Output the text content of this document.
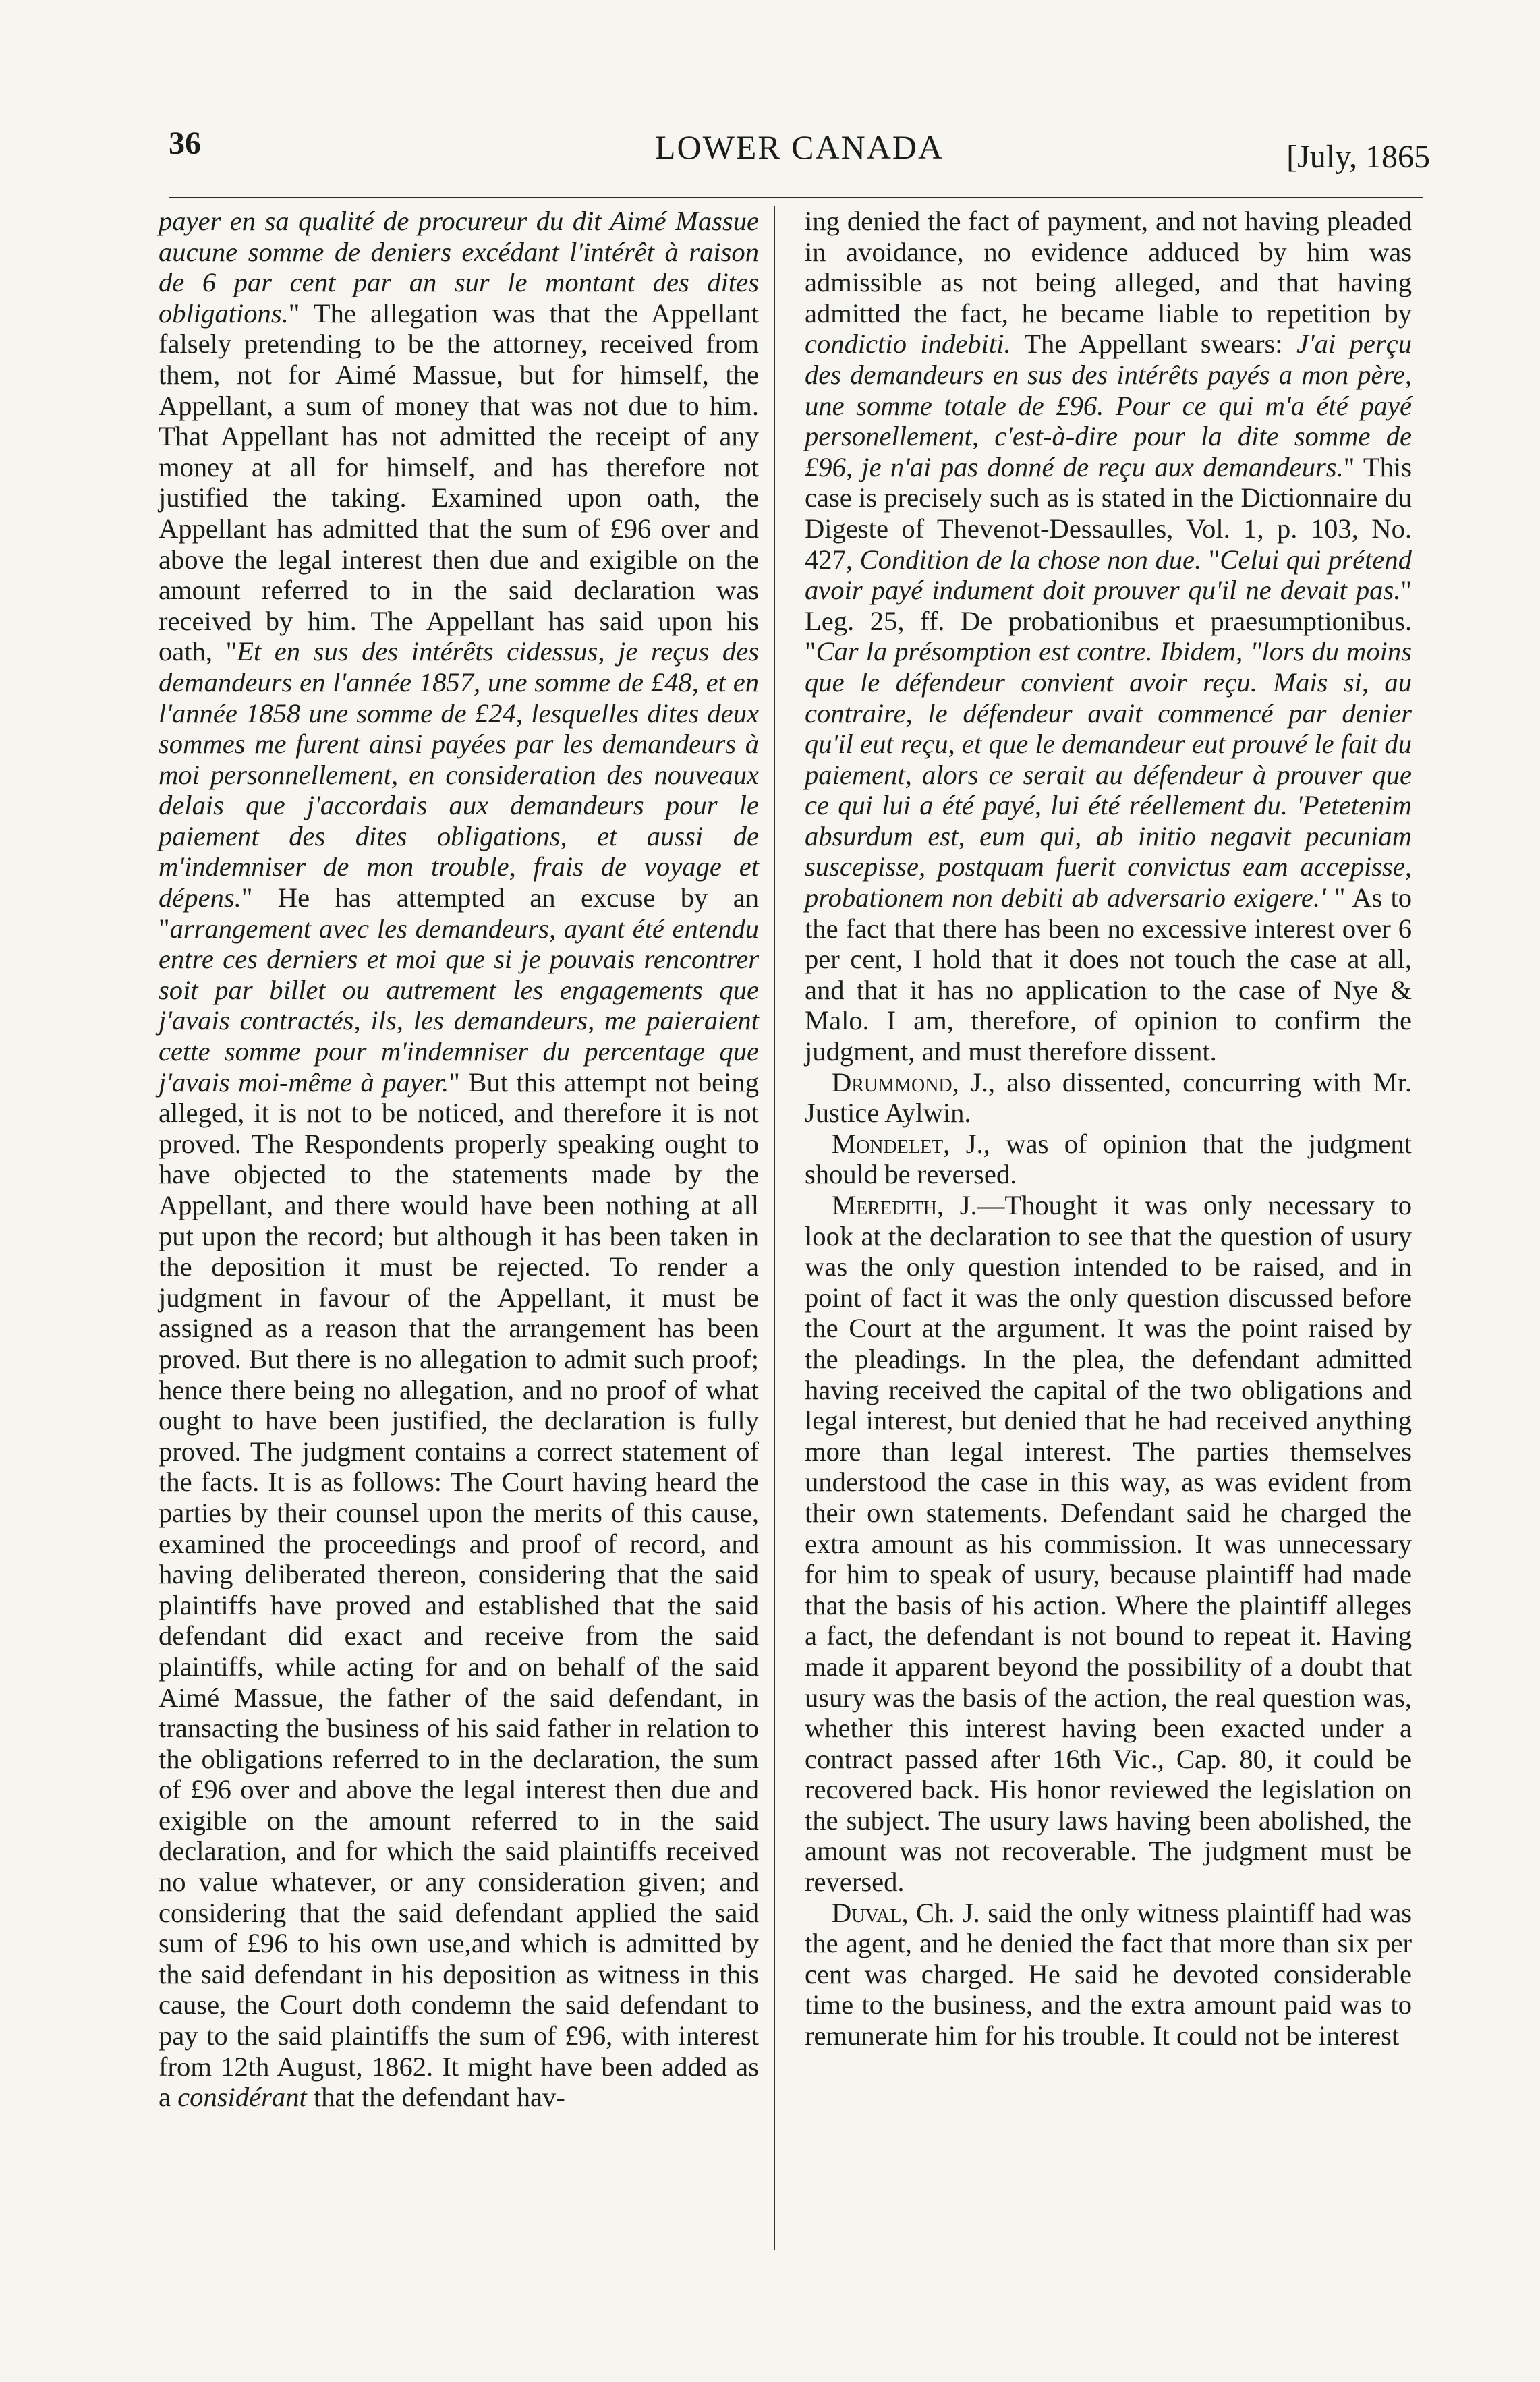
36	LOWER CANADA	[July, 1865

payer en sa qualité de procureur du dit Aimé Massue aucune somme de deniers excédant l'intérêt à raison de 6 par cent par an sur le montant des dites obligations." The allegation was that the Appellant falsely pretending to be the attorney, received from them, not for Aimé Massue, but for himself, the Appellant, a sum of money that was not due to him. That Appellant has not admitted the receipt of any money at all for himself, and has therefore not justified the taking. Examined upon oath, the Appellant has admitted that the sum of £96 over and above the legal interest then due and exigible on the amount referred to in the said declaration was received by him. The Appellant has said upon his oath, "Et en sus des intérêts cidessus, je reçus des demandeurs en l'année 1857, une somme de £48, et en l'année 1858 une somme de £24, lesquelles dites deux sommes me furent ainsi payées par les demandeurs à moi personnellement, en consideration des nouveaux delais que j'accordais aux demandeurs pour le paiement des dites obligations, et aussi de m'indemniser de mon trouble, frais de voyage et dépens." He has attempted an excuse by an "arrangement avec les demandeurs, ayant été entendu entre ces derniers et moi que si je pouvais rencontrer soit par billet ou autrement les engagements que j'avais contractés, ils, les demandeurs, me paieraient cette somme pour m'indemniser du percentage que j'avais moi-même à payer." But this attempt not being alleged, it is not to be noticed, and therefore it is not proved. The Respondents properly speaking ought to have objected to the statements made by the Appellant, and there would have been nothing at all put upon the record; but although it has been taken in the deposition it must be rejected. To render a judgment in favour of the Appellant, it must be assigned as a reason that the arrangement has been proved. But there is no allegation to admit such proof; hence there being no allegation, and no proof of what ought to have been justified, the declaration is fully proved. The judgment contains a correct statement of the facts. It is as follows: The Court having heard the parties by their counsel upon the merits of this cause, examined the proceedings and proof of record, and having deliberated thereon, considering that the said plaintiffs have proved and established that the said defendant did exact and receive from the said plaintiffs, while acting for and on behalf of the said Aimé Massue, the father of the said defendant, in transacting the business of his said father in relation to the obligations referred to in the declaration, the sum of £96 over and above the legal interest then due and exigible on the amount referred to in the said declaration, and for which the said plaintiffs received no value whatever, or any consideration given; and considering that the said defendant applied the said sum of £96 to his own use,and which is admitted by the said defendant in his deposition as witness in this cause, the Court doth condemn the said defendant to pay to the said plaintiffs the sum of £96, with interest from 12th August, 1862. It might have been added as a considérant that the defendant hav-

ing denied the fact of payment, and not having pleaded in avoidance, no evidence adduced by him was admissible as not being alleged, and that having admitted the fact, he became liable to repetition by condictio indebiti. The Appellant swears: J'ai perçu des demandeurs en sus des intérêts payés a mon père, une somme totale de £96. Pour ce qui m'a été payé personellement, c'est-à-dire pour la dite somme de £96, je n'ai pas donné de reçu aux demandeurs." This case is precisely such as is stated in the Dictionnaire du Digeste of Thevenot-Dessaulles, Vol. 1, p. 103, No. 427, Condition de la chose non due. "Celui qui prétend avoir payé indument doit prouver qu'il ne devait pas." Leg. 25, ff. De probationibus et praesumptionibus. "Car la présomption est contre. Ibidem, "lors du moins que le défendeur convient avoir reçu. Mais si, au contraire, le défendeur avait commencé par denier qu'il eut reçu, et que le demandeur eut prouvé le fait du paiement, alors ce serait au défendeur à prouver que ce qui lui a été payé, lui été réellement du. 'Petetenim absurdum est, eum qui, ab initio negavit pecuniam suscepisse, postquam fuerit convictus eam accepisse, probationem non debiti ab adversario exigere.' " As to the fact that there has been no excessive interest over 6 per cent, I hold that it does not touch the case at all, and that it has no application to the case of Nye & Malo. I am, therefore, of opinion to confirm the judgment, and must therefore dissent.

Drummond, J., also dissented, concurring with Mr. Justice Aylwin.

Mondelet, J., was of opinion that the judgment should be reversed.

Meredith, J.—Thought it was only necessary to look at the declaration to see that the question of usury was the only question intended to be raised, and in point of fact it was the only question discussed before the Court at the argument. It was the point raised by the pleadings. In the plea, the defendant admitted having received the capital of the two obligations and legal interest, but denied that he had received anything more than legal interest. The parties themselves understood the case in this way, as was evident from their own statements. Defendant said he charged the extra amount as his commission. It was unnecessary for him to speak of usury, because plaintiff had made that the basis of his action. Where the plaintiff alleges a fact, the defendant is not bound to repeat it. Having made it apparent beyond the possibility of a doubt that usury was the basis of the action, the real question was, whether this interest having been exacted under a contract passed after 16th Vic., Cap. 80, it could be recovered back. His honor reviewed the legislation on the subject. The usury laws having been abolished, the amount was not recoverable. The judgment must be reversed.

Duval, Ch. J. said the only witness plaintiff had was the agent, and he denied the fact that more than six per cent was charged. He said he devoted considerable time to the business, and the extra amount paid was to remunerate him for his trouble. It could not be interest
